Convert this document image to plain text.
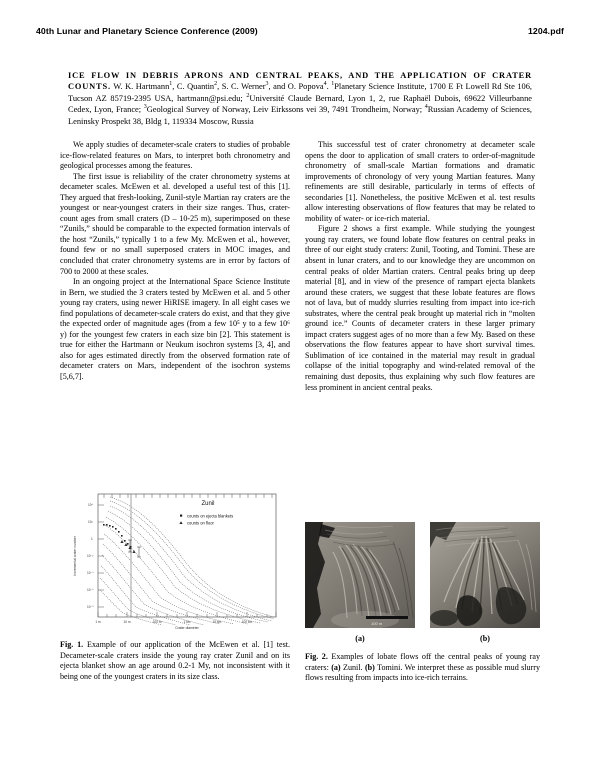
40th Lunar and Planetary Science Conference (2009)	1204.pdf
ICE FLOW IN DEBRIS APRONS AND CENTRAL PEAKS, AND THE APPLICATION OF CRATER COUNTS. W. K. Hartmann$^1$, C. Quantin$^2$, S. C. Werner$^3$, and O. Popova$^4$. $^1$Planetary Science Institute, 1700 E Ft Lowell Rd Ste 106, Tucson AZ 85719-2395 USA, hartmann@psi.edu; $^2$Université Claude Bernard, Lyon 1, 2, rue Raphaël Dubois, 69622 Villeurbanne Cedex, Lyon, France; $^3$Geological Survey of Norway, Leiv Eirkssons vei 39, 7491 Trondheim, Norway; $^4$Russian Academy of Sciences, Leninsky Prospekt 38, Bldg 1, 119334 Moscow, Russia

We apply studies of decameter-scale craters to studies of probable ice-flow-related features on Mars, to interpret both chronometry and geological processes among the features.

The first issue is reliability of the crater chronometry systems at decameter scales. McEwen et al. developed a useful test of this [1]. They argued that fresh-looking, Zunil-style Martian ray craters are the youngest or near-youngest craters in their size ranges. Thus, crater-count ages from small craters (D – 10-25 m), superimposed on these “Zunils,” should be comparable to the expected formation intervals of the host “Zunils,” typically 1 to a few My. McEwen et al., however, found few or no small superposed craters in MOC images, and concluded that crater chronometry systems are in error by factors of 700 to 2000 at these scales.

In an ongoing project at the International Space Science Institute in Bern, we studied the 3 craters tested by McEwen et al. and 5 other young ray craters, using newer HiRISE imagery. In all eight cases we find populations of decameter-scale craters do exist, and that they give the expected order of magnitude ages (from a few 10⁵ y to a few 10⁶ y) for the youngest few craters in each size bin [2]. This statement is true for either the Hartmann or Neukum isochron systems [3, 4], and also for ages estimated directly from the observed formation rate of decameter craters on Mars, independent of the isochron systems [5,6,7].

This successful test of crater chronometry at decameter scale opens the door to application of small craters to order-of-magnitude chronometry of small-scale Martian formations and dramatic improvements of chronology of very young Martian features. Many refinements are still desirable, particularly in terms of effects of secondaries [1]. Nonetheless, the positive McEwen et al. test results allow interesting observations of flow features that may be related to mobility of water- or ice-rich material.

Figure 2 shows a first example. While studying the youngest young ray craters, we found lobate flow features on central peaks in three of our eight study craters: Zunil, Tooting, and Tomini. These are absent in lunar craters, and to our knowledge they are uncommon on central peaks of older Martian craters. Central peaks bring up deep material [8], and in view of the presence of rampart ejecta blankets around these craters, we suggest that these lobate features are flows not of lava, but of muddy slurries resulting from impact into ice-rich substrates, where the central peak brought up material rich in “molten ground ice.” Counts of decameter craters in these larger primary impact craters suggest ages of no more than a few My. Based on these observations the flow features appear to have short survival times. Sublimation of ice contained in the material may result in gradual collapse of the initial topography and wind-related removal of the remaining dust deposits, thus explaining why such flow features are less prominent in ancient central peaks.

10⁴
10²
1
10⁻²
10⁻⁴
10⁻⁶
10⁻⁸
1 m	10 m	100 m	1 km	10 km	100 km
Crater diameter
Incremental crater number
Zunil
counts on ejecta blankets
counts on floor

Fig. 1. Example of our application of the McEwen et al. [1] test. Decameter-scale craters inside the young ray crater Zunil and on its ejecta blanket show an age around 0.2-1 My, not inconsistent with it being one of the youngest craters in its size class.

100 m
(a)	(b)

Fig. 2. Examples of lobate flows off the central peaks of young ray craters: (a) Zunil. (b) Tomini. We interpret these as possible mud slurry flows resulting from impacts into ice-rich terrains.
